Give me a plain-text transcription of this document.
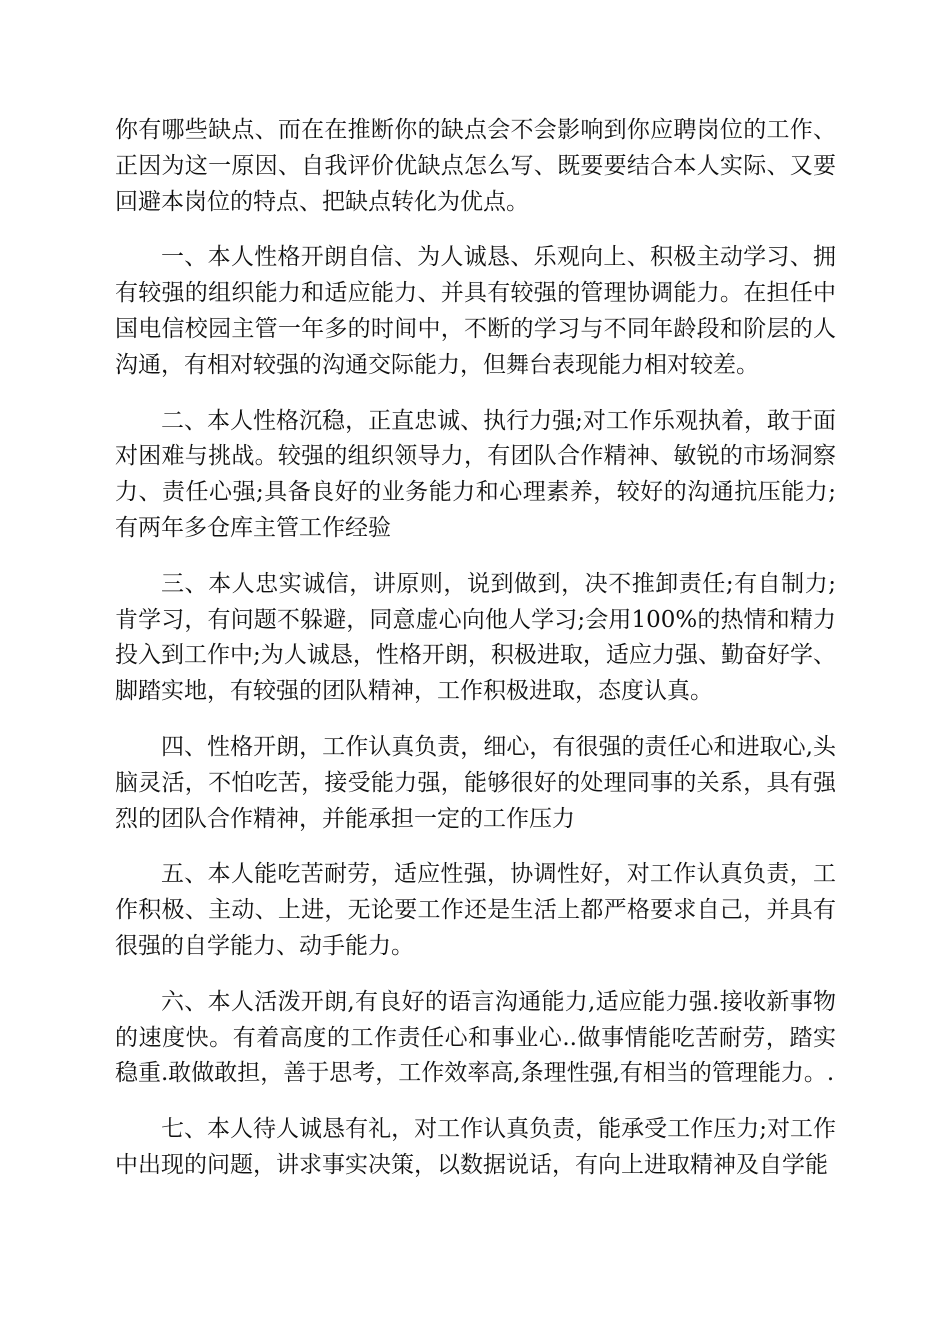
你有哪些缺点、而在在推断你的缺点会不会影响到你应聘岗位的工作、正因为这一原因、自我评价优缺点怎么写、既要要结合本人实际、又要回避本岗位的特点、把缺点转化为优点。

一、本人性格开朗自信、为人诚恳、乐观向上、积极主动学习、拥有较强的组织能力和适应能力、并具有较强的管理协调能力。在担任中国电信校园主管一年多的时间中，不断的学习与不同年龄段和阶层的人沟通，有相对较强的沟通交际能力，但舞台表现能力相对较差。

二、本人性格沉稳，正直忠诚、执行力强;对工作乐观执着，敢于面对困难与挑战。较强的组织领导力，有团队合作精神、敏锐的市场洞察力、责任心强;具备良好的业务能力和心理素养，较好的沟通抗压能力;有两年多仓库主管工作经验

三、本人忠实诚信，讲原则，说到做到，决不推卸责任;有自制力;肯学习，有问题不躲避，同意虚心向他人学习;会用100%的热情和精力投入到工作中;为人诚恳，性格开朗，积极进取，适应力强、勤奋好学、脚踏实地，有较强的团队精神，工作积极进取，态度认真。

四、性格开朗，工作认真负责，细心，有很强的责任心和进取心,头脑灵活，不怕吃苦，接受能力强，能够很好的处理同事的关系，具有强烈的团队合作精神，并能承担一定的工作压力

五、本人能吃苦耐劳，适应性强，协调性好，对工作认真负责，工作积极、主动、上进，无论要工作还是生活上都严格要求自己，并具有很强的自学能力、动手能力。

六、本人活泼开朗,有良好的语言沟通能力,适应能力强.接收新事物的速度快。有着高度的工作责任心和事业心..做事情能吃苦耐劳，踏实稳重.敢做敢担，善于思考，工作效率高,条理性强,有相当的管理能力。.

七、本人待人诚恳有礼，对工作认真负责，能承受工作压力;对工作中出现的问题，讲求事实决策，以数据说话，有向上进取精神及自学能
